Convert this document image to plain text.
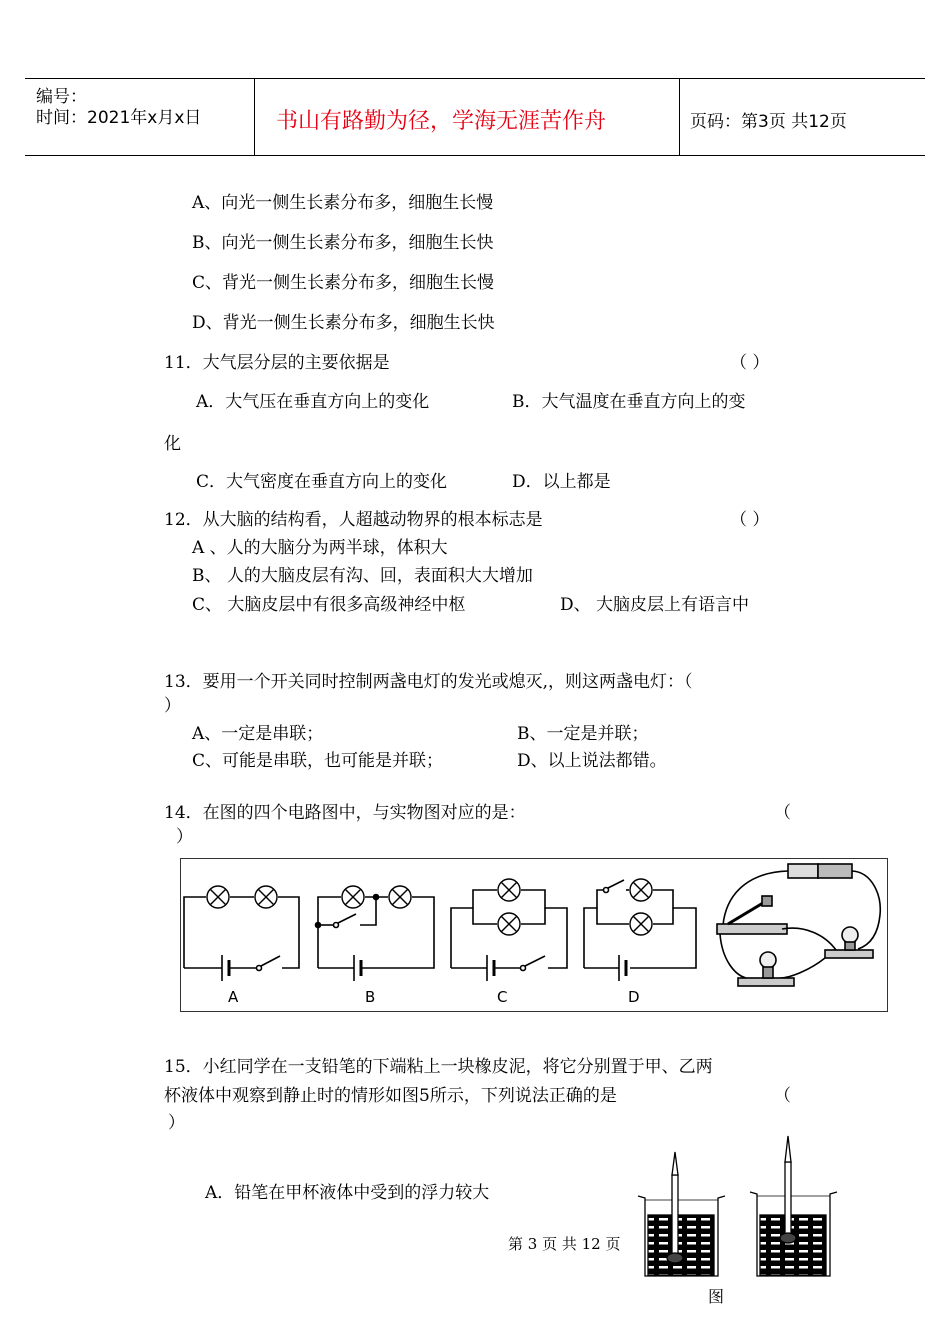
编号：
时间：2021年x月x日	书山有路勤为径，学海无涯苦作舟	页码：第3页 共12页
A、向光一侧生长素分布多，细胞生长慢
B、向光一侧生长素分布多，细胞生长快
C、背光一侧生长素分布多，细胞生长慢
D、背光一侧生长素分布多，细胞生长快
11．大气层分层的主要依据是	（ ）
A．大气压在垂直方向上的变化	B．大气温度在垂直方向上的变
化
C．大气密度在垂直方向上的变化	D．以上都是
12．从大脑的结构看，人超越动物界的根本标志是	（ ）
A 、人的大脑分为两半球，体积大
B、 人的大脑皮层有沟、回，表面积大大增加
C、 大脑皮层中有很多高级神经中枢	D、 大脑皮层上有语言中
13．要用一个开关同时控制两盏电灯的发光或熄灭,，则这两盏电灯：（
）
A、一定是串联；	B、一定是并联；
C、可能是串联，也可能是并联；	D、以上说法都错。
14．在图的四个电路图中，与实物图对应的是：	（
）
A	B	C	D
15．小红同学在一支铅笔的下端粘上一块橡皮泥，将它分别置于甲、乙两
杯液体中观察到静止时的情形如图5所示，下列说法正确的是	（
）
A．铅笔在甲杯液体中受到的浮力较大
图
第 3 页 共 12 页
